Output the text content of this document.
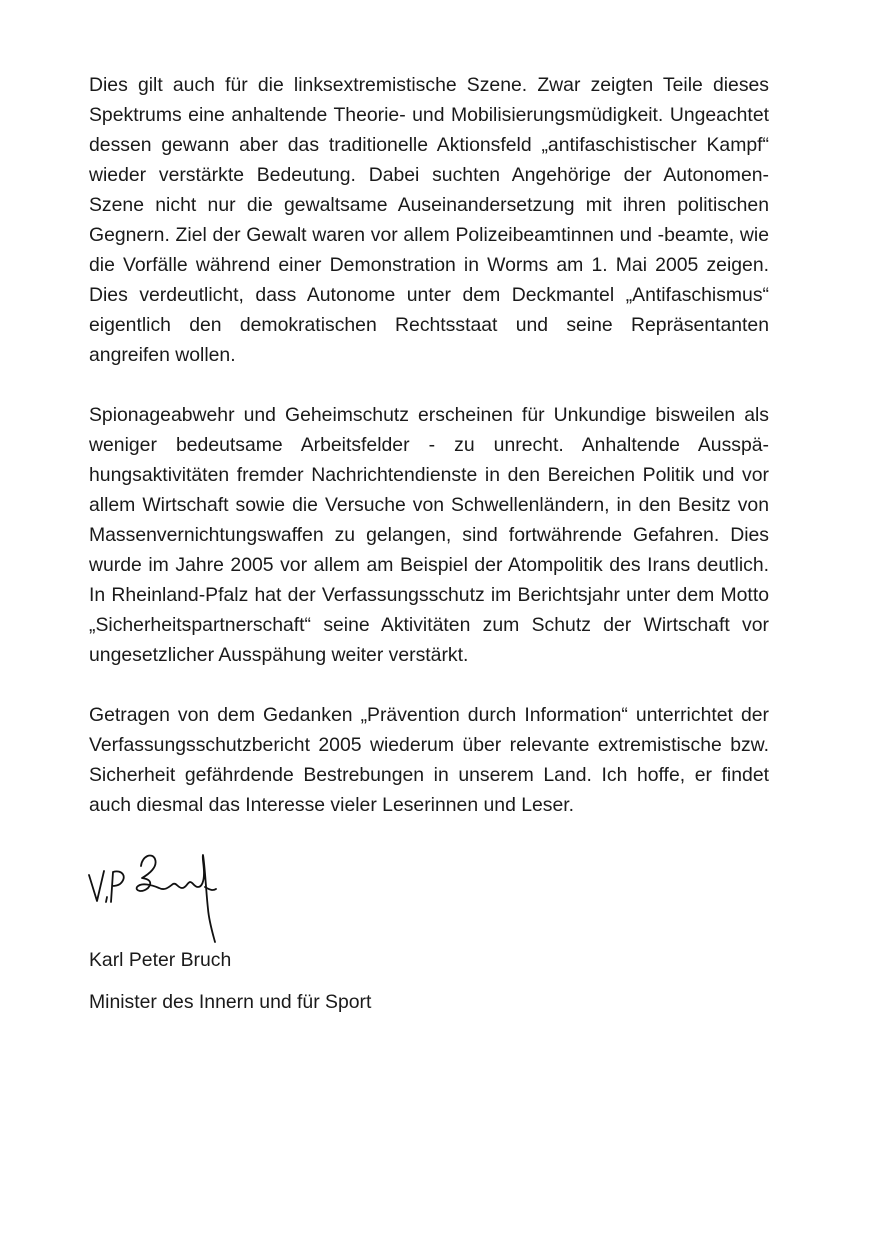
Dies gilt auch für die linksextremistische Szene. Zwar zeigten Teile dieses Spektrums eine anhaltende Theorie- und Mobilisierungsmüdigkeit. Ungeachtet dessen gewann aber das traditionelle Aktionsfeld „antifaschistischer Kampf“ wieder verstärkte Bedeutung. Dabei suchten Angehörige der Autonomen-Szene nicht nur die gewaltsame Auseinandersetzung mit ihren politischen Gegnern. Ziel der Gewalt waren vor allem Polizeibeamtinnen und -beamte, wie die Vorfälle während einer Demonstration in Worms am 1. Mai 2005 zeigen. Dies verdeutlicht, dass Autonome unter dem Deckmantel „Antifaschismus“ eigentlich den demokratischen Rechtsstaat und seine Repräsentanten angreifen wollen.

Spionageabwehr und Geheimschutz erscheinen für Unkundige bisweilen als weniger bedeutsame Arbeitsfelder - zu unrecht. Anhaltende Ausspähungsaktivitäten fremder Nachrichtendienste in den Bereichen Politik und vor allem Wirtschaft sowie die Versuche von Schwellenländern, in den Besitz von Massenvernichtungswaffen zu gelangen, sind fortwährende Gefahren. Dies wurde im Jahre 2005 vor allem am Beispiel der Atompolitik des Irans deutlich. In Rheinland-Pfalz hat der Verfassungsschutz im Berichtsjahr unter dem Motto „Sicherheitspartnerschaft“ seine Aktivitäten zum Schutz der Wirtschaft vor ungesetzlicher Ausspähung weiter verstärkt.

Getragen von dem Gedanken „Prävention durch Information“ unterrichtet der Verfassungsschutzbericht 2005 wiederum über relevante extremistische bzw. Sicherheit gefährdende Bestrebungen in unserem Land. Ich hoffe, er findet auch diesmal das Interesse vieler Leserinnen und Leser.

Karl Peter Bruch

Minister des Innern und für Sport
